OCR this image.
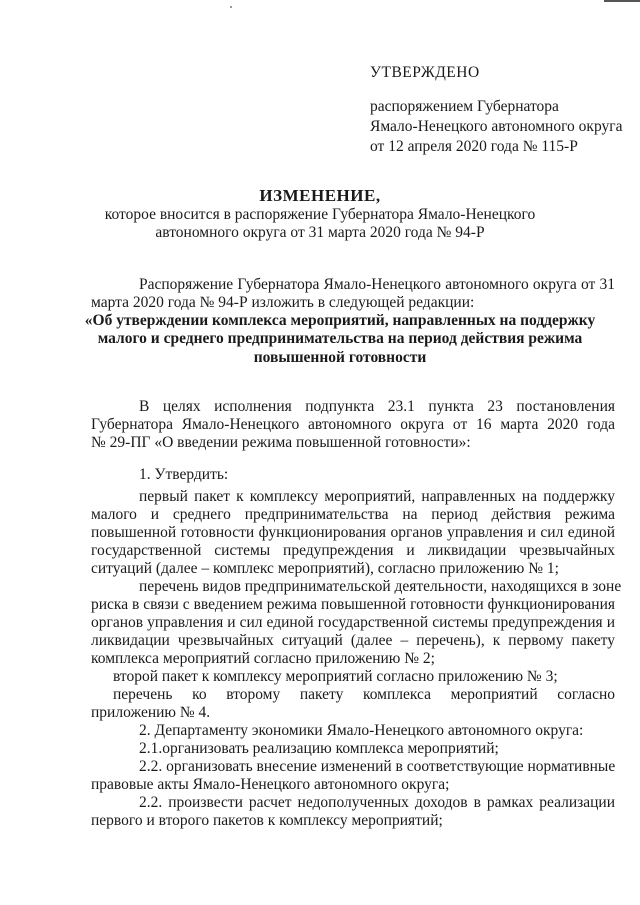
УТВЕРЖДЕНО
распоряжением Губернатора
Ямало-Ненецкого автономного округа
от 12 апреля 2020 года № 115-Р
ИЗМЕНЕНИЕ,
которое вносится в распоряжение Губернатора Ямало-Ненецкого
автономного округа от 31 марта 2020 года № 94-Р
Распоряжение Губернатора Ямало-Ненецкого автономного округа от 31
марта 2020 года № 94-Р изложить в следующей редакции:
«Об утверждении комплекса мероприятий, направленных на поддержку
малого и среднего предпринимательства на период действия режима
повышенной готовности
В целях исполнения подпункта 23.1 пункта 23 постановления
Губернатора Ямало-Ненецкого автономного округа от 16 марта 2020 года
№ 29-ПГ «О введении режима повышенной готовности»:
1. Утвердить:
первый пакет к комплексу мероприятий, направленных на поддержку
малого и среднего предпринимательства на период действия режима
повышенной готовности функционирования органов управления и сил единой
государственной системы предупреждения и ликвидации чрезвычайных
ситуаций (далее – комплекс мероприятий), согласно приложению № 1;
перечень видов предпринимательской деятельности, находящихся в зоне
риска в связи с введением режима повышенной готовности функционирования
органов управления и сил единой государственной системы предупреждения и
ликвидации чрезвычайных ситуаций (далее – перечень), к первому пакету
комплекса мероприятий согласно приложению № 2;
второй пакет к комплексу мероприятий согласно приложению № 3;
перечень ко второму пакету комплекса мероприятий согласно
приложению № 4.
2. Департаменту экономики Ямало-Ненецкого автономного округа:
2.1.организовать реализацию комплекса мероприятий;
2.2. организовать внесение изменений в соответствующие нормативные
правовые акты Ямало-Ненецкого автономного округа;
2.2. произвести расчет недополученных доходов в рамках реализации
первого и второго пакетов к комплексу мероприятий;
